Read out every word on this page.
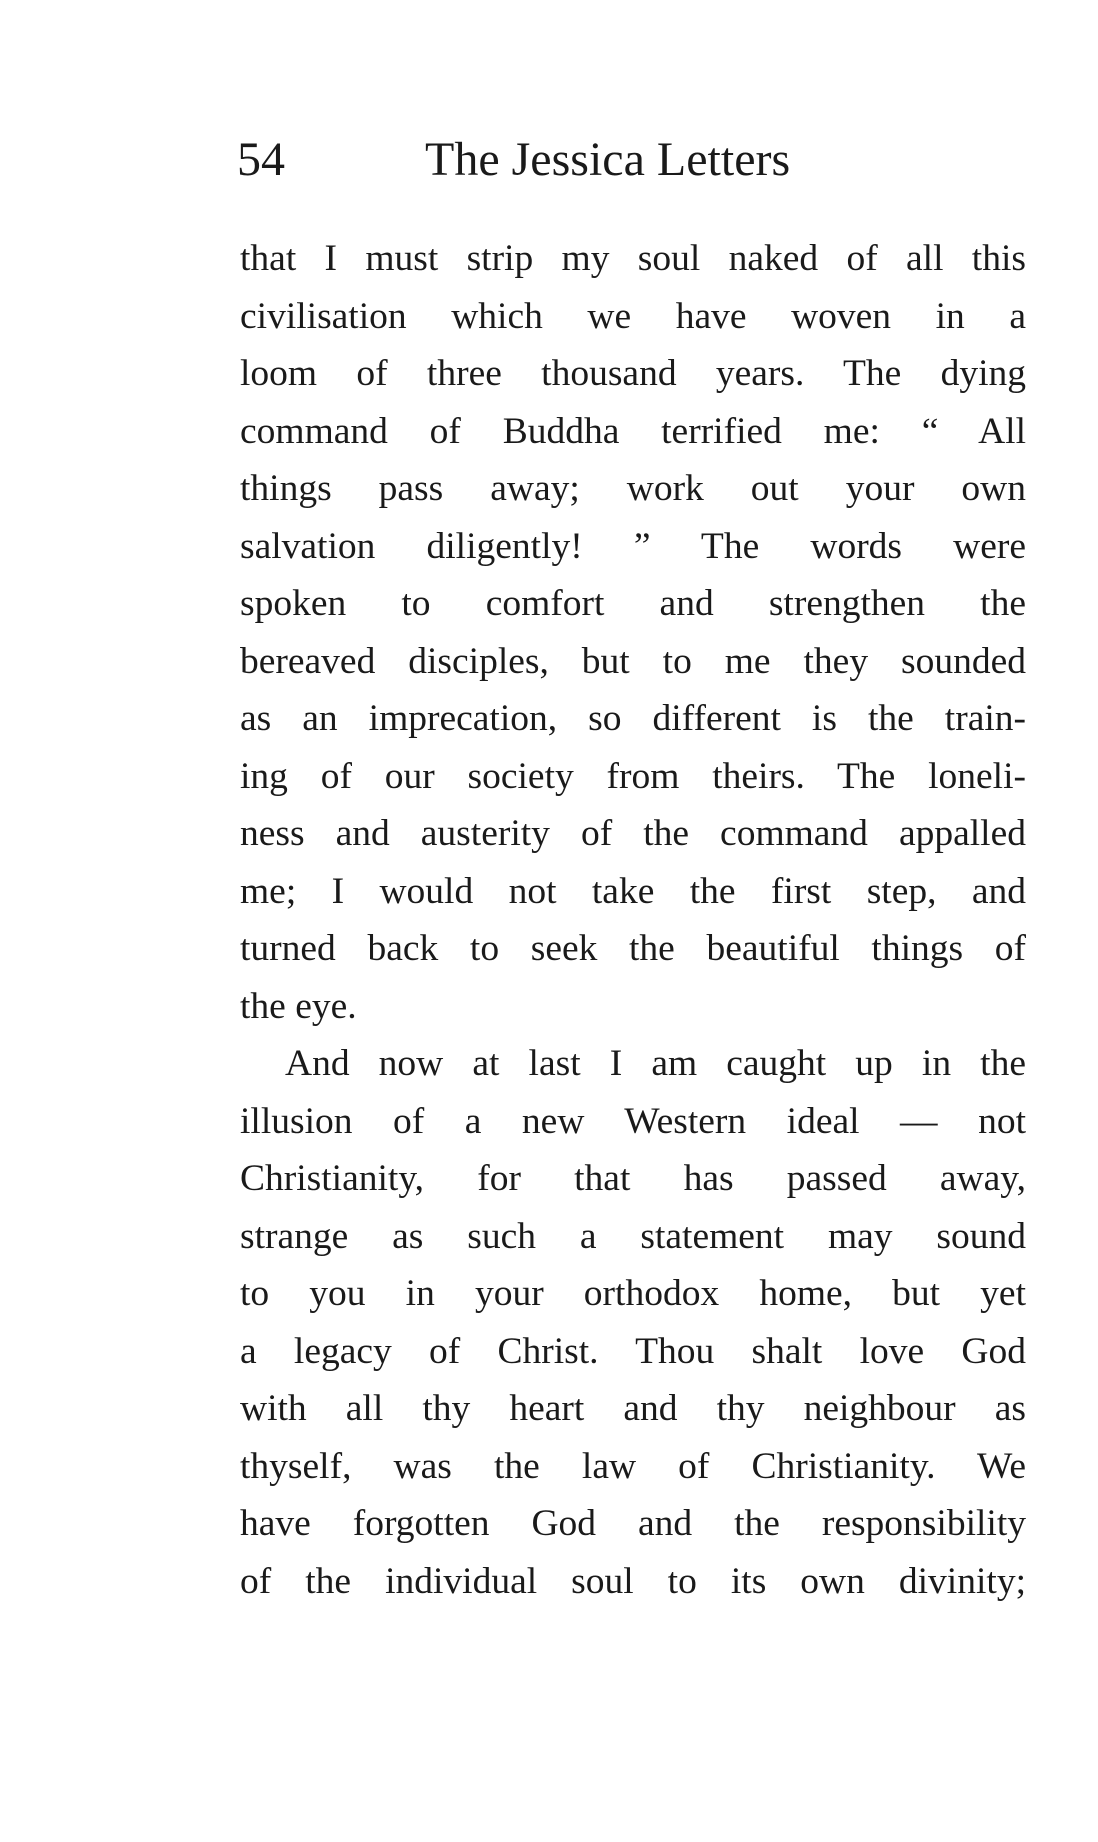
54	The Jessica Letters
that I must strip my soul naked of all this
civilisation which we have woven in a
loom of three thousand years. The dying
command of Buddha terrified me: “ All
things pass away; work out your own
salvation diligently! ” The words were
spoken to comfort and strengthen the
bereaved disciples, but to me they sounded
as an imprecation, so different is the train-
ing of our society from theirs. The loneli-
ness and austerity of the command appalled
me; I would not take the first step, and
turned back to seek the beautiful things of
the eye.
And now at last I am caught up in the
illusion of a new Western ideal — not
Christianity, for that has passed away,
strange as such a statement may sound
to you in your orthodox home, but yet
a legacy of Christ. Thou shalt love God
with all thy heart and thy neighbour as
thyself, was the law of Christianity. We
have forgotten God and the responsibility
of the individual soul to its own divinity;
